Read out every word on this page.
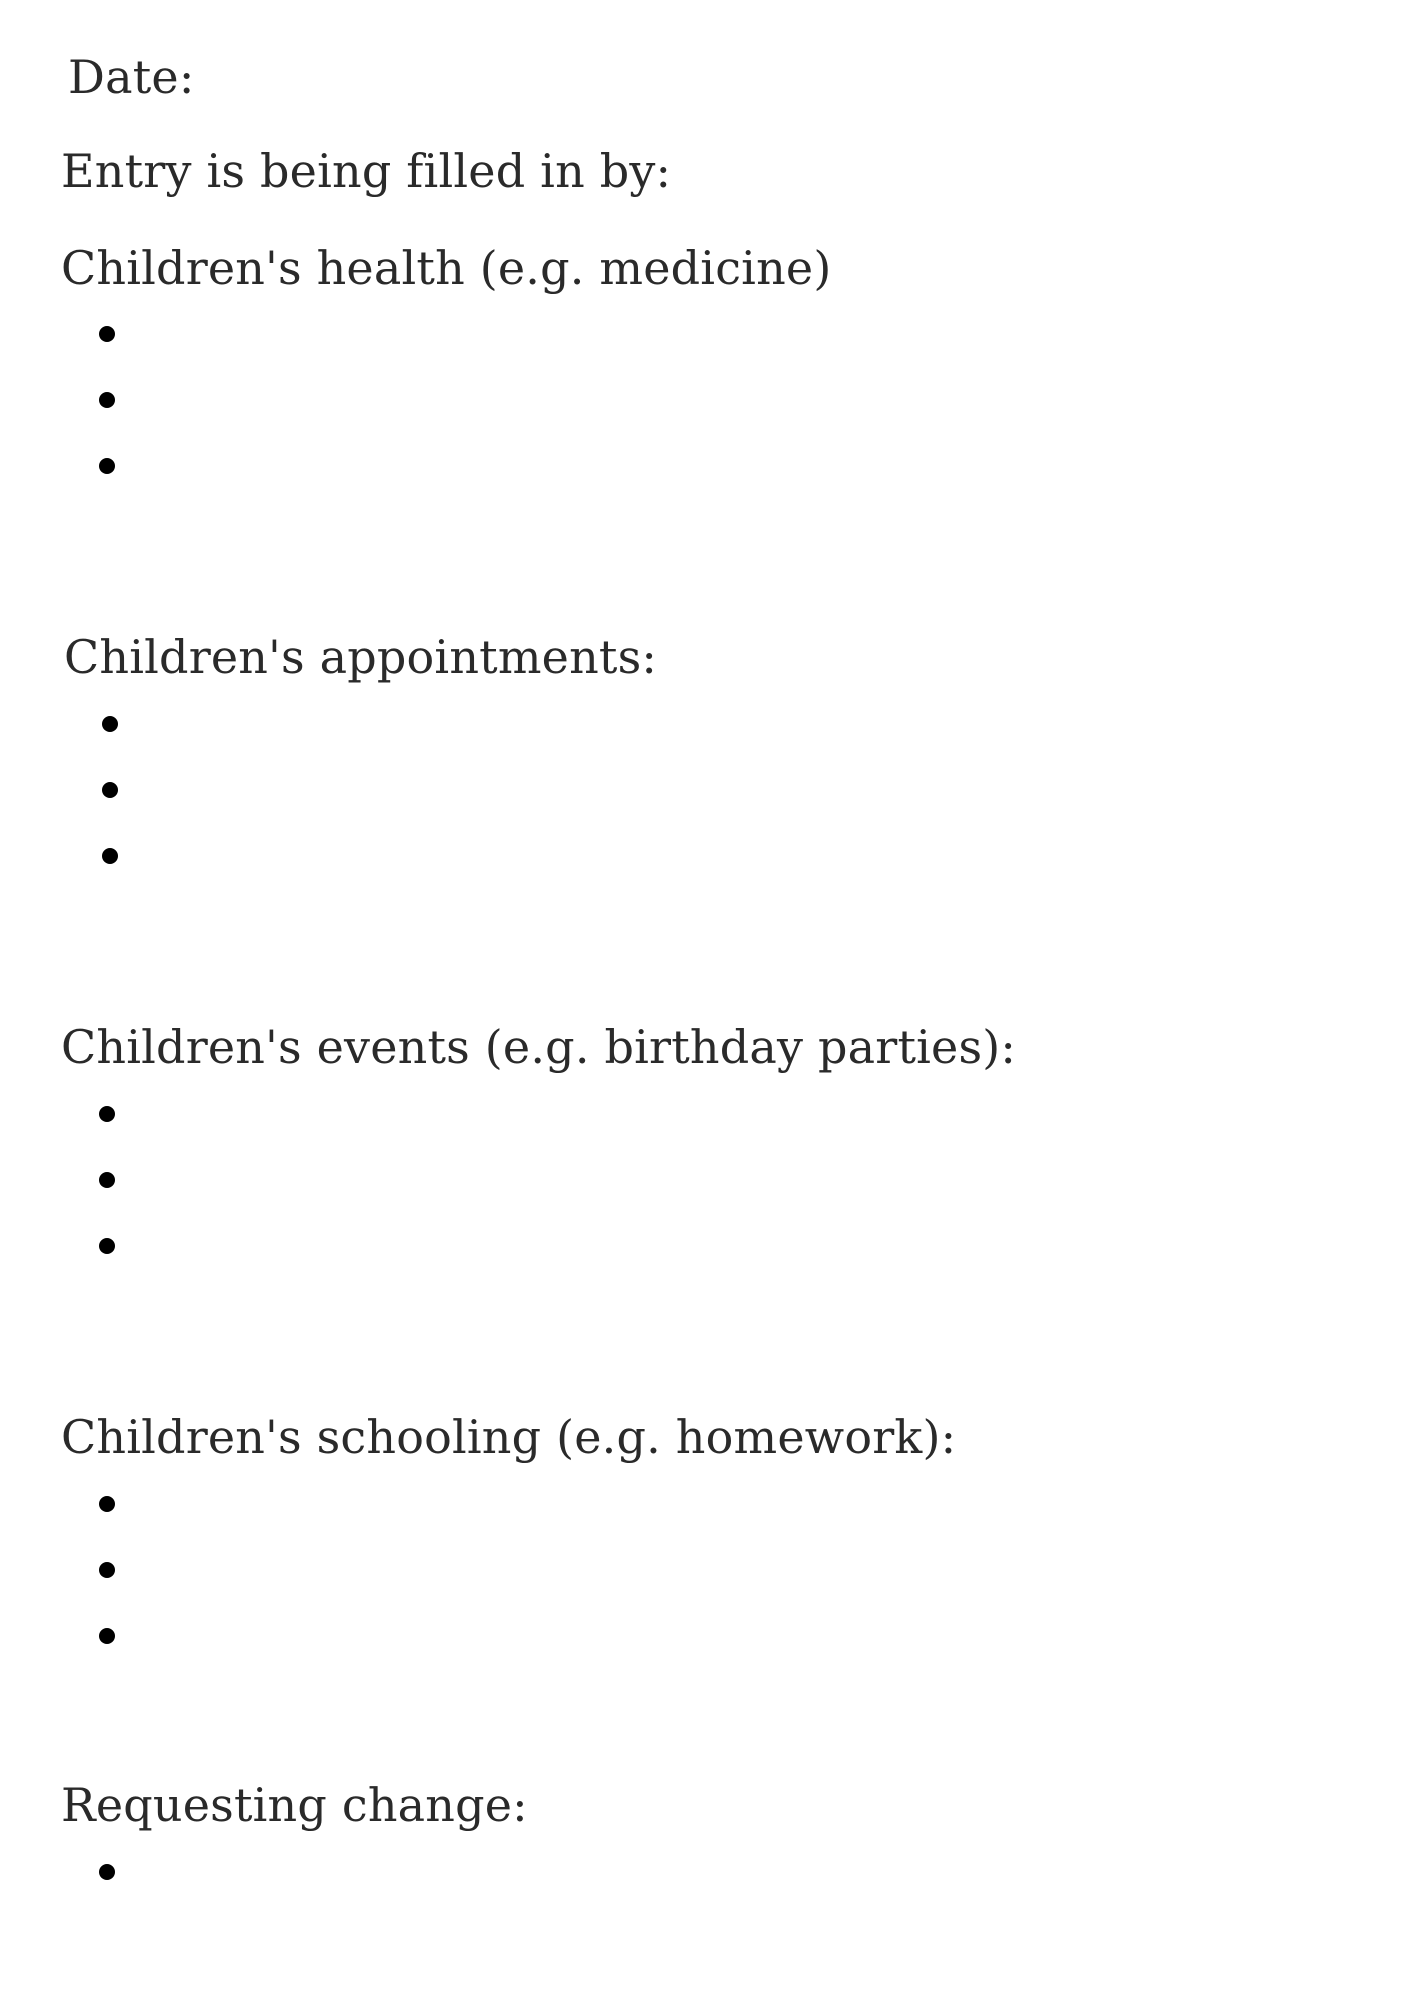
Date:
Entry is being filled in by:
Children's health (e.g. medicine)
Children's appointments:
Children's events (e.g. birthday parties):
Children's schooling (e.g. homework):
Requesting change:
